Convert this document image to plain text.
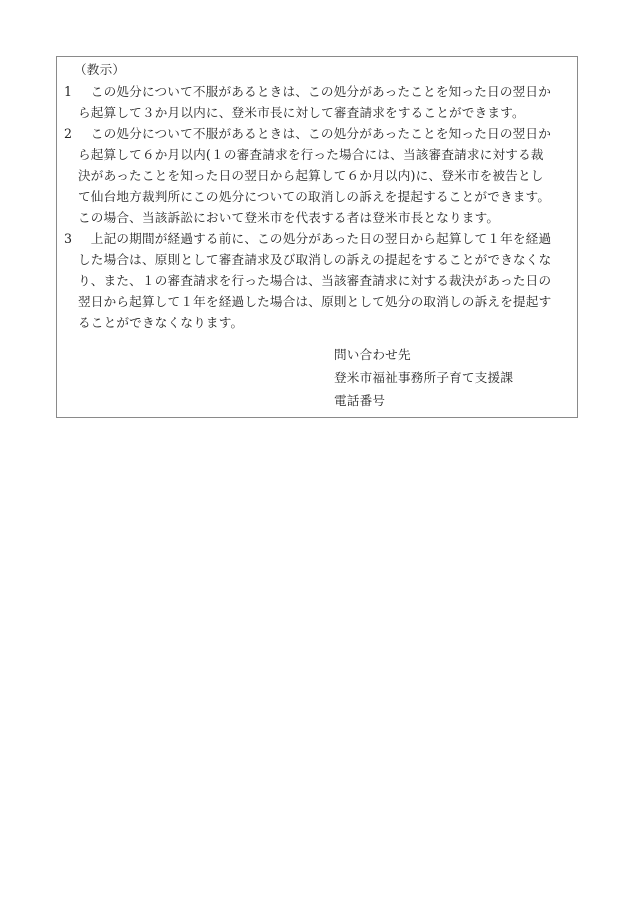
（教示）
1 　この処分について不服があるときは、この処分があったことを知った日の翌日か
ら起算して３か月以内に、登米市長に対して審査請求をすることができます。
2 　この処分について不服があるときは、この処分があったことを知った日の翌日か
ら起算して６か月以内(１の審査請求を行った場合には、当該審査請求に対する裁
決があったことを知った日の翌日から起算して６か月以内)に、登米市を被告とし
て仙台地方裁判所にこの処分についての取消しの訴えを提起することができます。
この場合、当該訴訟において登米市を代表する者は登米市長となります。
3 　上記の期間が経過する前に、この処分があった日の翌日から起算して１年を経過
した場合は、原則として審査請求及び取消しの訴えの提起をすることができなくな
り、また、１の審査請求を行った場合は、当該審査請求に対する裁決があった日の
翌日から起算して１年を経過した場合は、原則として処分の取消しの訴えを提起す
ることができなくなります。
問い合わせ先
登米市福祉事務所子育て支援課
電話番号
